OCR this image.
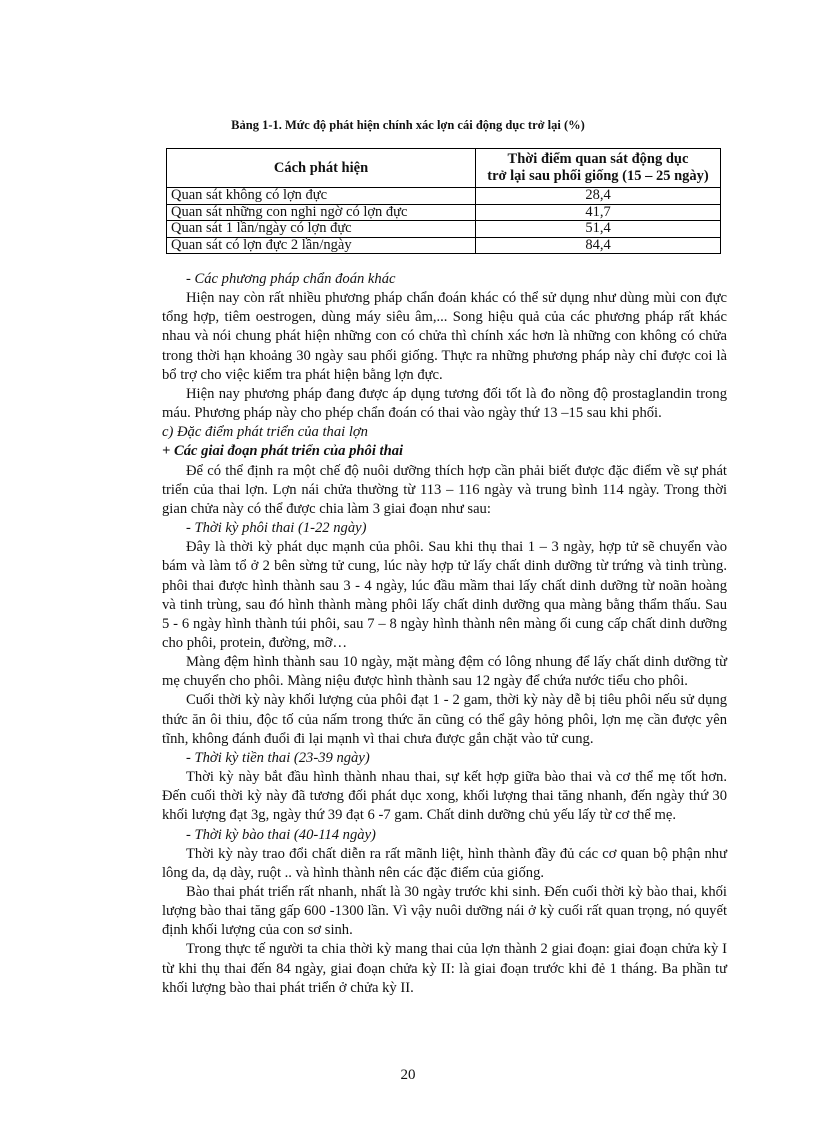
Bảng 1-1. Mức độ phát hiện chính xác lợn cái động dục trở lại (%)
Cách phát hiện	Thời điểm quan sát động dục
trở lại sau phối giống (15 – 25 ngày)
Quan sát không có lợn đực	28,4
Quan sát những con nghi ngờ có lợn đực	41,7
Quan sát 1 lần/ngày có lợn đực	51,4
Quan sát có lợn đực 2 lần/ngày	84,4

- Các phương pháp chẩn đoán khác

Hiện nay còn rất nhiều phương pháp chẩn đoán khác có thể sử dụng như dùng mùi con đực tổng hợp, tiêm oestrogen, dùng máy siêu âm,... Song hiệu quả của các phương pháp rất khác nhau và nói chung phát hiện những con có chửa thì chính xác hơn là những con không có chửa trong thời hạn khoảng 30 ngày sau phối giống. Thực ra những phương pháp này chỉ được coi là bổ trợ cho việc kiểm tra phát hiện bằng lợn đực.

Hiện nay phương pháp đang được áp dụng tương đối tốt là đo nồng độ prostaglandin trong máu. Phương pháp này cho phép chẩn đoán có thai vào ngày thứ 13 –15 sau khi phối.

c) Đặc điểm phát triển của thai lợn

+ Các giai đoạn phát triển của phôi thai

Để có thể định ra một chế độ nuôi dưỡng thích hợp cần phải biết được đặc điểm về sự phát triển của thai lợn. Lợn nái chửa thường từ 113 – 116 ngày và trung bình 114 ngày. Trong thời gian chửa này có thể được chia làm 3 giai đoạn như sau:

- Thời kỳ phôi thai (1-22 ngày)

Đây là thời kỳ phát dục mạnh của phôi. Sau khi thụ thai 1 – 3 ngày, hợp tử sẽ chuyển vào bám và làm tổ ở 2 bên sừng tử cung, lúc này hợp tử lấy chất dinh dưỡng từ trứng và tinh trùng. phôi thai được hình thành sau 3 - 4 ngày, lúc đầu mầm thai lấy chất dinh dưỡng từ noãn hoàng và tinh trùng, sau đó hình thành màng phôi lấy chất dinh dưỡng qua màng bằng thẩm thấu. Sau 5 - 6 ngày hình thành túi phôi, sau 7 – 8 ngày hình thành nên màng ối cung cấp chất dinh dưỡng cho phôi, protein, đường, mỡ…

Màng đệm hình thành sau 10 ngày, mặt màng đệm có lông nhung để lấy chất dinh dưỡng từ mẹ chuyển cho phôi. Màng niệu được hình thành sau 12 ngày để chứa nước tiểu cho phôi.

Cuối thời kỳ này khối lượng của phôi đạt 1 - 2 gam, thời kỳ này dễ bị tiêu phôi nếu sử dụng thức ăn ôi thiu, độc tố của nấm trong thức ăn cũng có thể gây hỏng phôi, lợn mẹ cần được yên tĩnh, không đánh đuổi đi lại mạnh vì thai chưa được gắn chặt vào tử cung.

- Thời kỳ tiền thai (23-39 ngày)

Thời kỳ này bắt đầu hình thành nhau thai, sự kết hợp giữa bào thai và cơ thể mẹ tốt hơn. Đến cuối thời kỳ này đã tương đối phát dục xong, khối lượng thai tăng nhanh, đến ngày thứ 30 khối lượng đạt 3g, ngày thứ 39 đạt 6 -7 gam. Chất dinh dưỡng chủ yếu lấy từ cơ thể mẹ.

- Thời kỳ bào thai (40-114 ngày)

Thời kỳ này trao đổi chất diễn ra rất mãnh liệt, hình thành đầy đủ các cơ quan bộ phận như lông da, dạ dày, ruột .. và hình thành nên các đặc điểm của giống.

Bào thai phát triển rất nhanh, nhất là 30 ngày trước khi sinh. Đến cuối thời kỳ bào thai, khối lượng bào thai tăng gấp 600 -1300 lần. Vì vậy nuôi dưỡng nái ở kỳ cuối rất quan trọng, nó quyết định khối lượng của con sơ sinh.

Trong thực tế người ta chia thời kỳ mang thai của lợn thành 2 giai đoạn: giai đoạn chửa kỳ I từ khi thụ thai đến 84 ngày, giai đoạn chửa kỳ II: là giai đoạn trước khi đẻ 1 tháng. Ba phần tư khối lượng bào thai phát triển ở chửa kỳ II.

20
